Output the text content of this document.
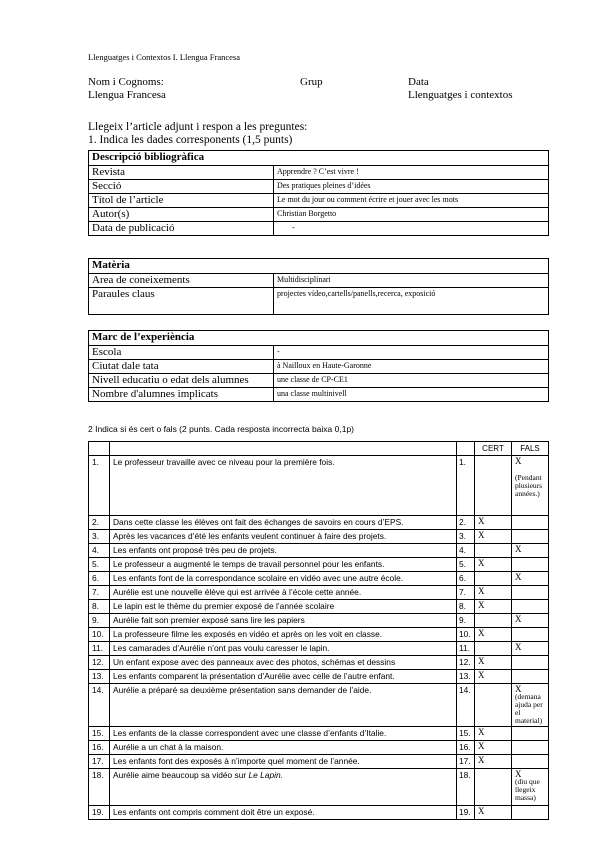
Llenguatges i Contextos I. Llengua Francesa
Nom i Cognoms:	Grup	Data
Llengua Francesa	Llenguatges i contextos
Llegeix l’article adjunt i respon a les preguntes:
1. Indica les dades corresponents (1,5 punts)
Descripció bibliogràfica	
Revista	Apprendre ? C’est vivre !
Secció	Des pratiques pleines d’idées
Títol de l’article	Le mot du jour ou comment écrire et jouer avec les mots
Autor(s)	Christian Borgetto
Data de publicació	-
Matèria	
Area de coneixements	Multidisciplinari
Paraules claus	projectes vídeo,cartells/panells,recerca, exposició
Marc de l’experiència	
Escola	-
Ciutat dale tata	à Nailloux en Haute-Garonne
Nivell educatiu o edat dels alumnes	une classe de CP-CE1
Nombre d'alumnes implicats	una classe multinivell
2 Indica si és cert o fals (2 punts. Cada resposta incorrecta baixa 0,1p)
			CERT	FALS
1.	Le professeur travaille avec ce niveau pour la première fois.	1.		X
(Pendant plusieurs années.)

2.	Dans cette classe les élèves ont fait des échanges de savoirs en cours d’EPS.	2.	X	

3.	Après les vacances d’été les enfants veulent continuer à faire des projets.	3.	X	

4.	Les enfants ont proposé très peu de projets.	4.		X

5.	Le professeur a augmenté le temps de travail personnel pour les enfants.	5.	X	

6.	Les enfants font de la correspondance scolaire en vidéo avec une autre école.	6.		X

7.	Aurélie est une nouvelle élève qui est arrivée à l’école cette année.	7.	X	

8.	Le lapin est le thème du premier exposé de l’année scolaire	8.	X	

9.	Aurélie fait son premier exposé sans lire les papiers	9.		X

10.	La professeure filme les exposés en vidéo et après on les voit en classe.	10.	X	

11.	Les camarades d’Aurélie n’ont pas voulu caresser le lapin.	11.		X

12.	Un enfant expose avec des panneaux avec des photos, schémas et dessins	12.	X	

13.	Les enfants comparent la présentation d’Aurélie avec celle de l’autre enfant.	13.	X	

14.	Aurélie a préparé sa deuxième présentation sans demander de l’aide.	14.		X
(demana ajuda per el material)

15.	Les enfants de la classe correspondent avec une classe d’enfants d’Italie.	15.	X	

16.	Aurélie a un chat à la maison.	16.	X	

17.	Les enfants font des exposés à n’importe quel moment de l’année.	17.	X	

18.	Aurélie aime beaucoup sa vidéo sur Le Lapin.	18.		X
(diu que llegeix massa)

19.	Les enfants ont compris comment doit être un exposé.	19.	X	
